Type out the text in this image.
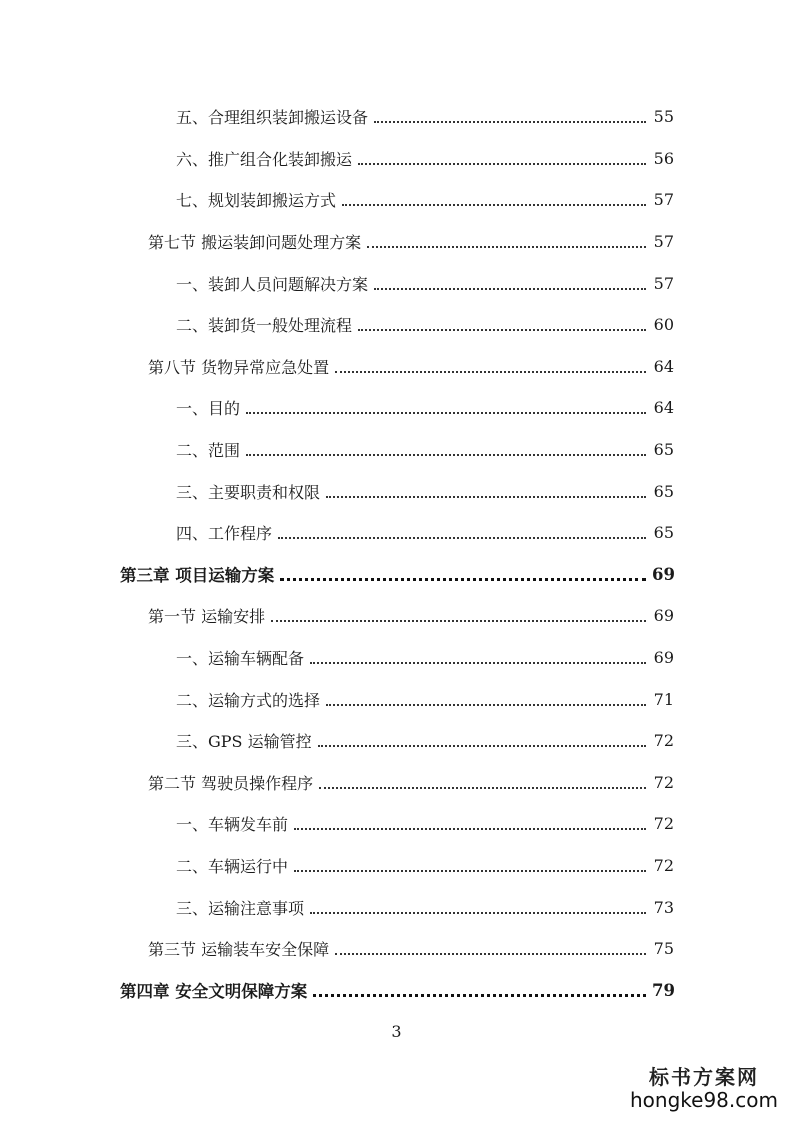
五、合理组织装卸搬运设备	55
六、推广组合化装卸搬运	56
七、规划装卸搬运方式	57
第七节 搬运装卸问题处理方案	57
一、装卸人员问题解决方案	57
二、装卸货一般处理流程	60
第八节 货物异常应急处置	64
一、目的	64
二、范围	65
三、主要职责和权限	65
四、工作程序	65
第三章 项目运输方案	69
第一节 运输安排	69
一、运输车辆配备	69
二、运输方式的选择	71
三、GPS 运输管控	72
第二节 驾驶员操作程序	72
一、车辆发车前	72
二、车辆运行中	72
三、运输注意事项	73
第三节 运输装车安全保障	75
第四章 安全文明保障方案	79
3
标书方案网
hongke98.com
